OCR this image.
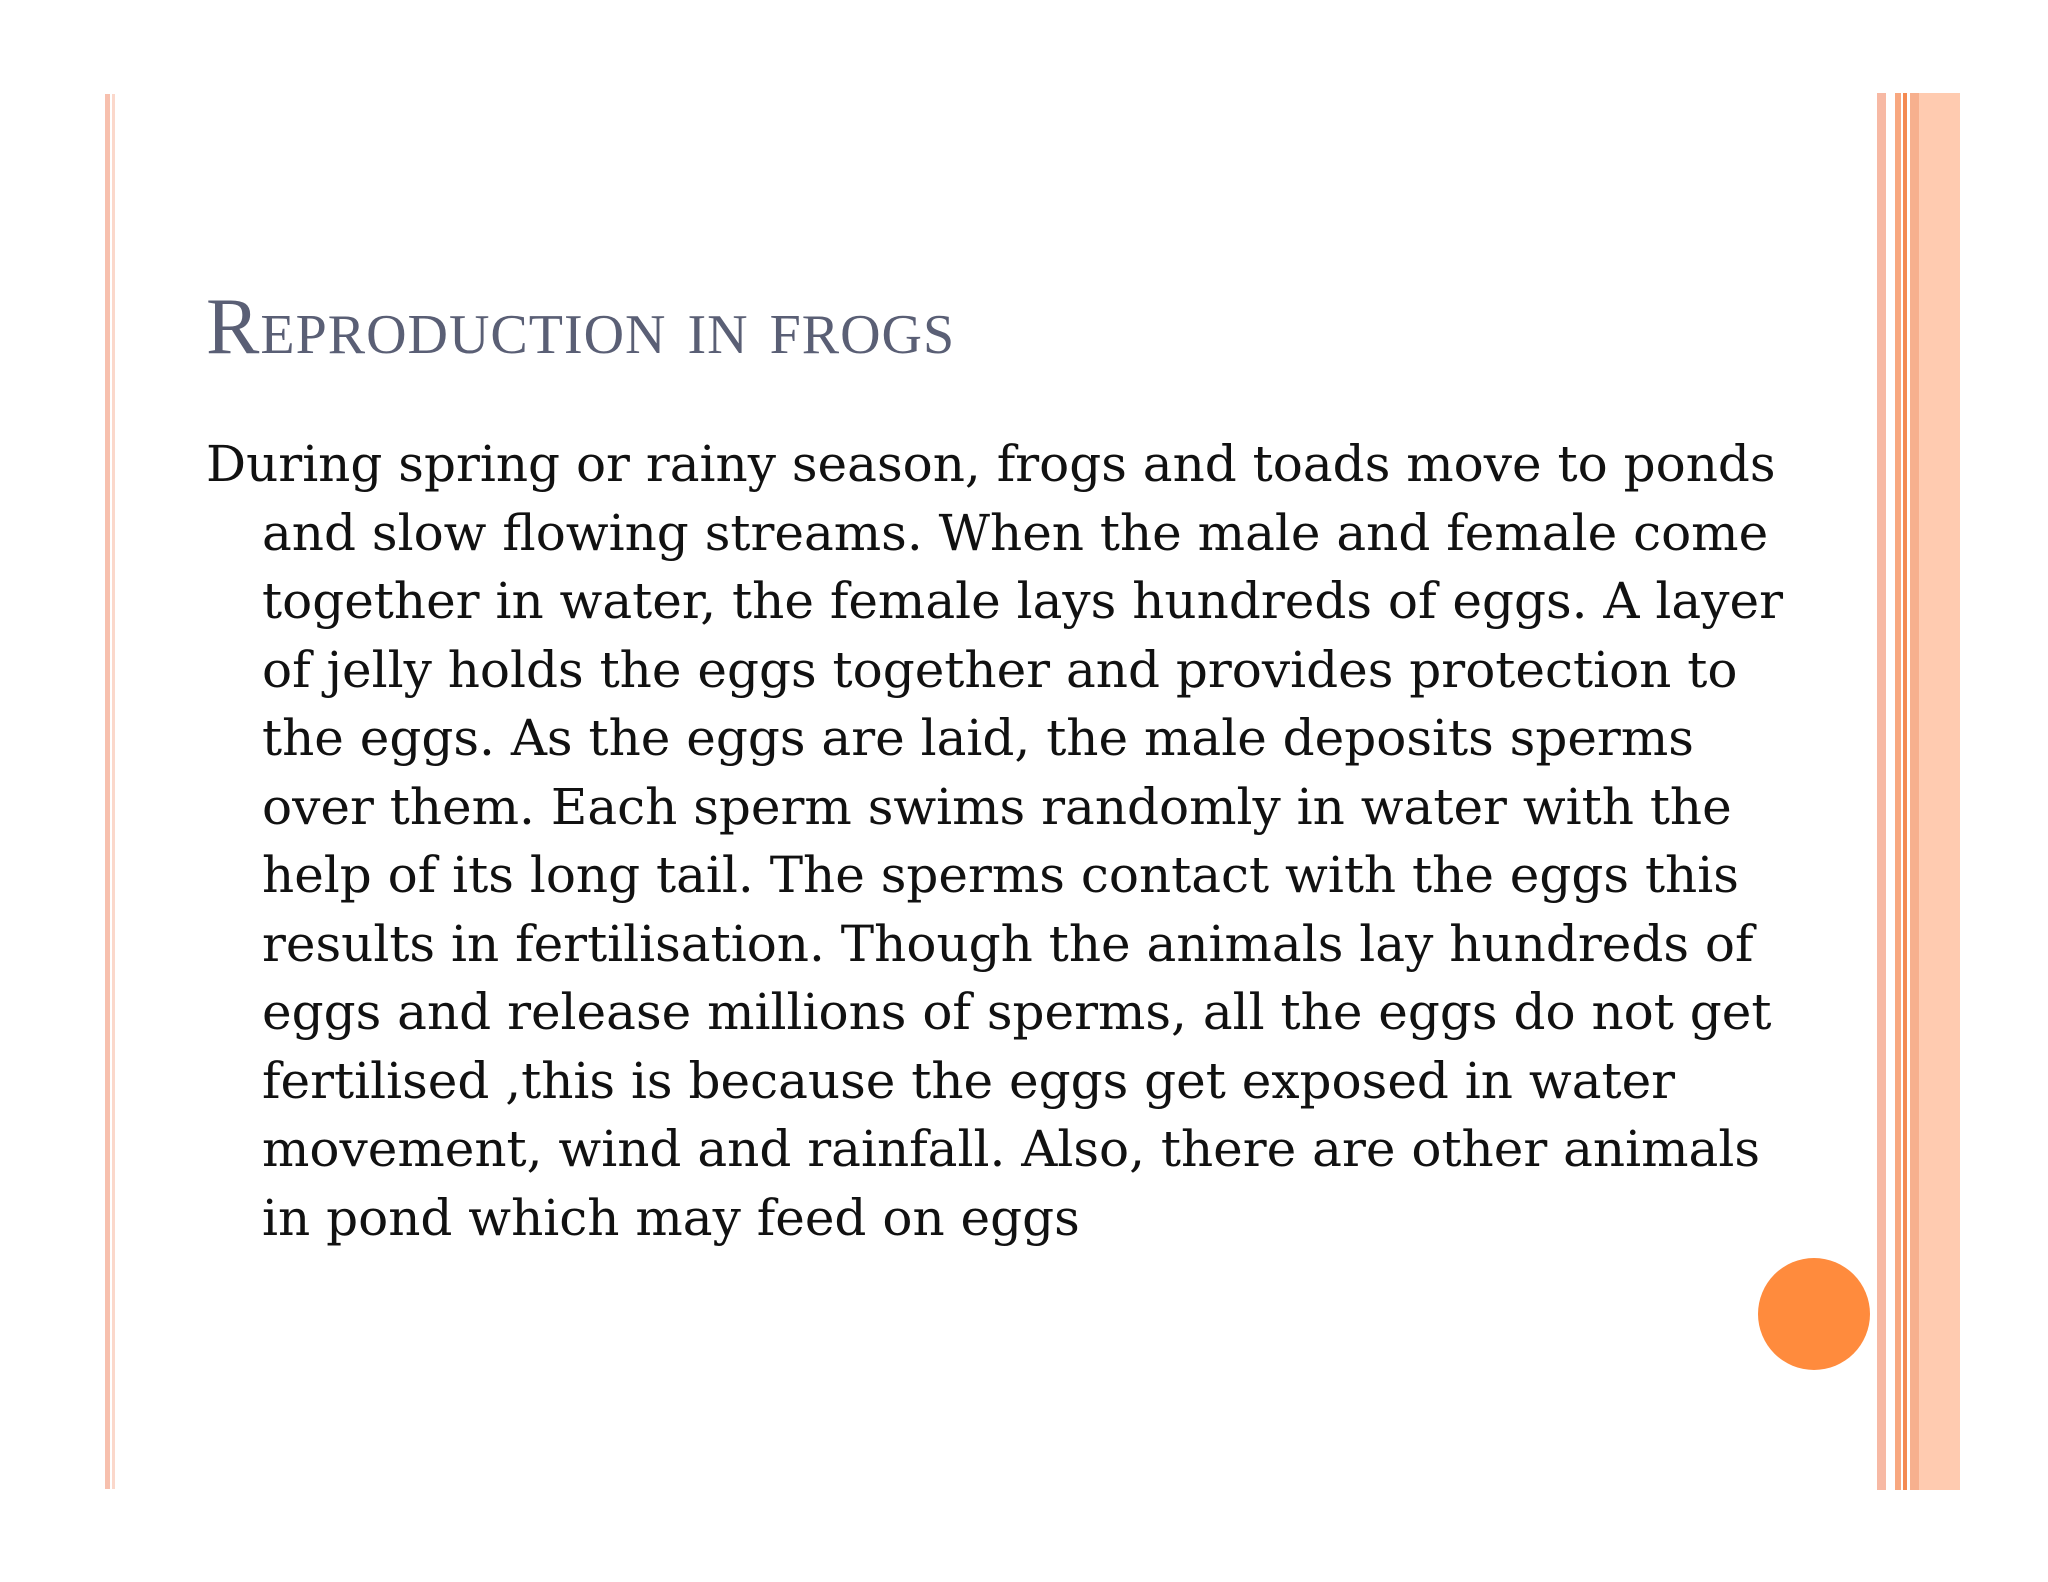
Reproduction in frogs

During spring or rainy season, frogs and toads move to ponds and slow flowing streams. When the male and female come together in water, the female lays hundreds of eggs. A layer of jelly holds the eggs together and provides protection to the eggs. As the eggs are laid, the male deposits sperms over them. Each sperm swims randomly in water with the help of its long tail. The sperms contact with the eggs this results in fertilisation. Though the animals lay hundreds of eggs and release millions of sperms, all the eggs do not get fertilised ,this is because the eggs get exposed in water movement, wind and rainfall. Also, there are other animals in pond which may feed on eggs
